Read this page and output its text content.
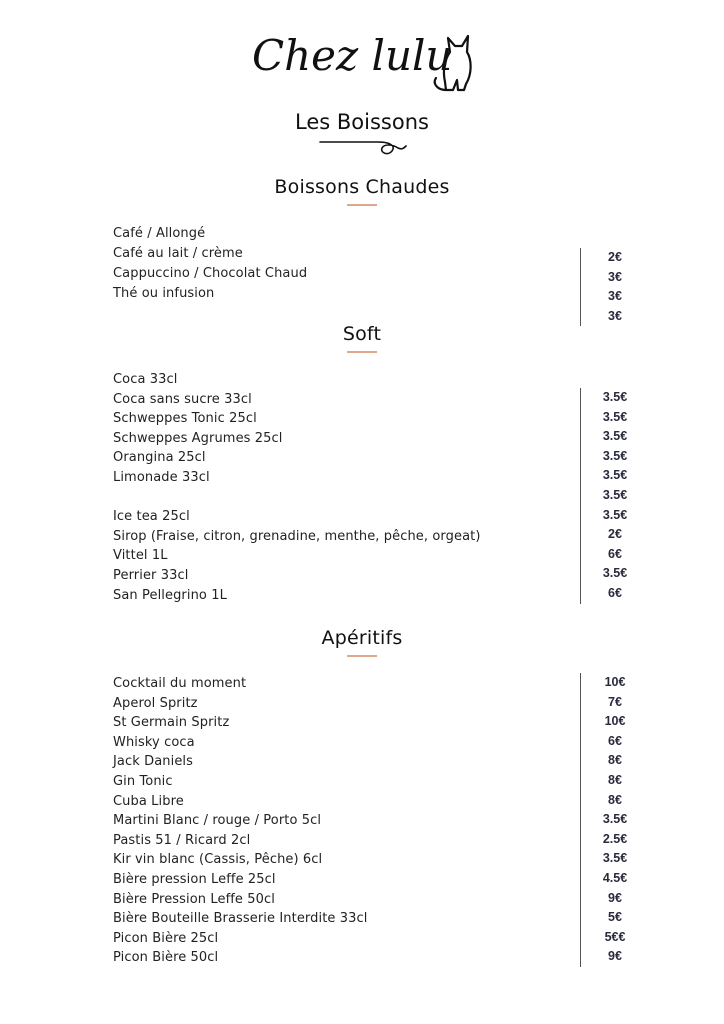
Chez lulu
Les Boissons
Boissons Chaudes
Café / Allongé
Café au lait / crème
Cappuccino / Chocolat Chaud
Thé ou infusion
2€
3€
3€
3€
Soft
Coca 33cl
Coca sans sucre 33cl
Schweppes Tonic 25cl
Schweppes Agrumes 25cl
Orangina 25cl
Limonade 33cl
Ice tea 25cl
Sirop (Fraise, citron, grenadine, menthe, pêche, orgeat)
Vittel 1L
Perrier 33cl
San Pellegrino 1L
3.5€
3.5€
3.5€
3.5€
3.5€
3.5€
3.5€
2€
6€
3.5€
6€
Apéritifs
Cocktail du moment
Aperol Spritz
St Germain Spritz
Whisky coca
Jack Daniels
Gin Tonic
Cuba Libre
Martini Blanc / rouge / Porto 5cl
Pastis 51 / Ricard 2cl
Kir vin blanc (Cassis, Pêche) 6cl
Bière pression Leffe 25cl
Bière Pression Leffe 50cl
Bière Bouteille Brasserie Interdite 33cl
Picon Bière 25cl
Picon Bière 50cl
10€
7€
10€
6€
8€
8€
8€
3.5€
2.5€
3.5€
4.5€
9€
5€
5€€
9€
